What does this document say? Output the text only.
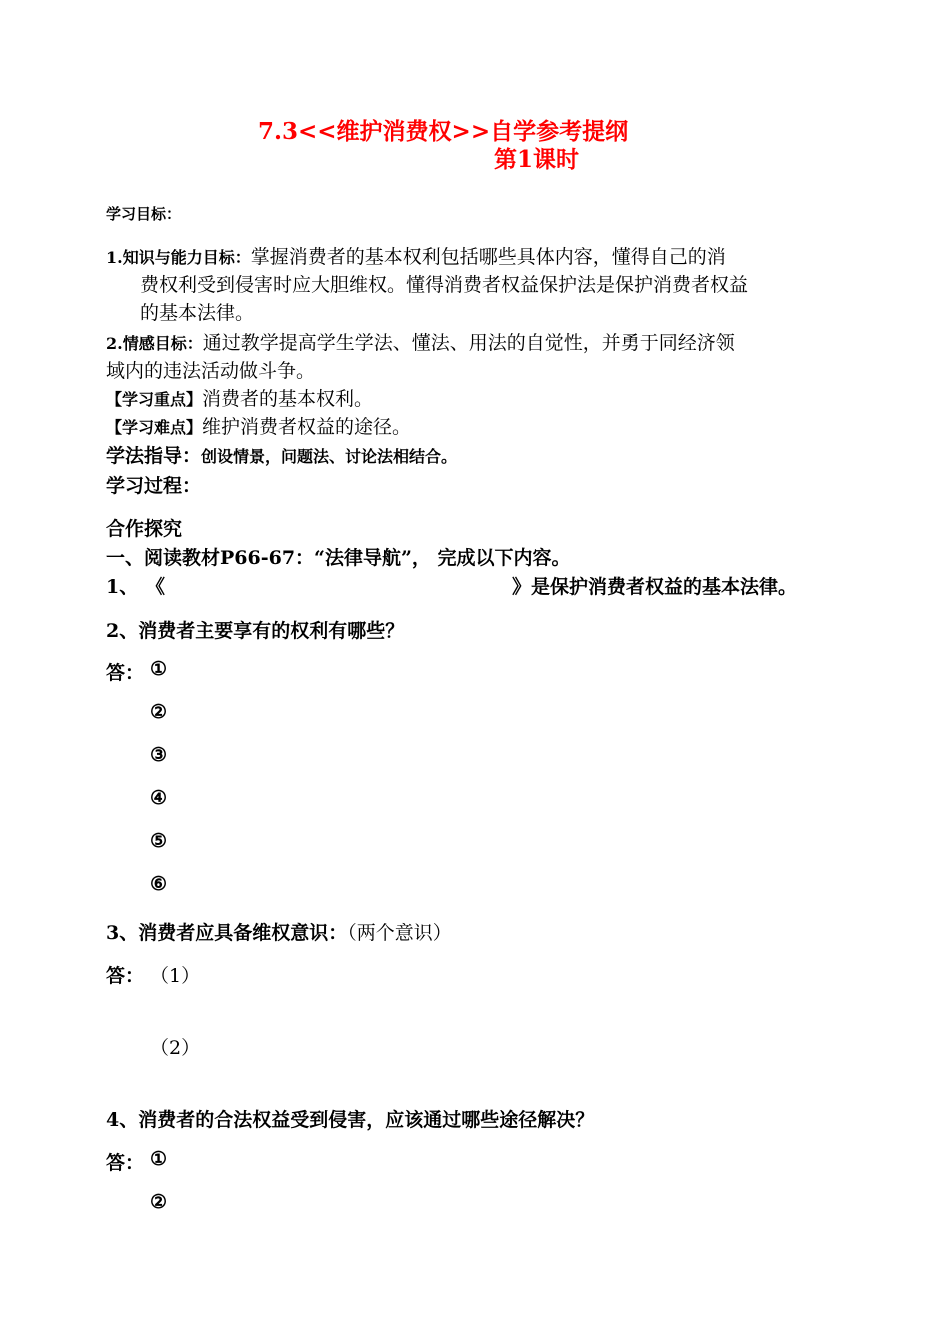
7.3<<维护消费权>>自学参考提纲
第1课时
学习目标：
1.知识与能力目标：掌握消费者的基本权利包括哪些具体内容，懂得自己的消
费权利受到侵害时应大胆维权。懂得消费者权益保护法是保护消费者权益
的基本法律。
2.情感目标：通过教学提高学生学法、懂法、用法的自觉性，并勇于同经济领
域内的违法活动做斗争。
【学习重点】消费者的基本权利。
【学习难点】维护消费者权益的途径。
学法指导：创设情景，问题法、讨论法相结合。
学习过程：
合作探究
一、阅读教材P66-67：“法律导航”， 完成以下内容。
1、 《	》是保护消费者权益的基本法律。
2、消费者主要享有的权利有哪些？
答： ①
②
③
④
⑤
⑥
3、消费者应具备维权意识：（两个意识）
答： （1）
（2）
4、消费者的合法权益受到侵害，应该通过哪些途径解决？
答： ①
②
